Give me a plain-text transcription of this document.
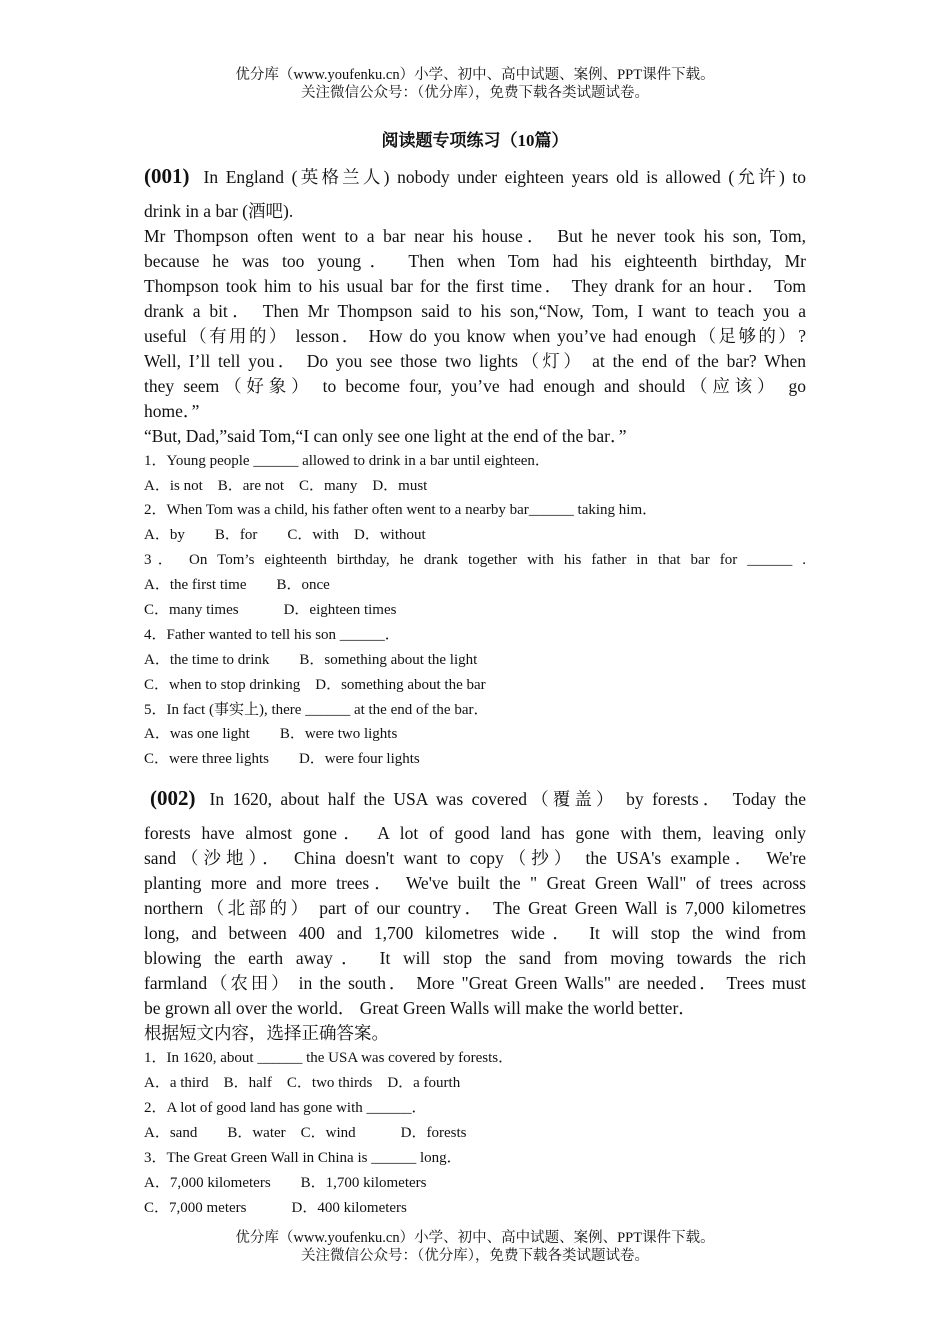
优分库（www.youfenku.cn）小学、初中、高中试题、案例、PPT课件下载。
关注微信公众号：（优分库），免费下载各类试题试卷。
阅读题专项练习（10篇）
(001) In England (英格兰人) nobody under eighteen years old is allowed (允许) to
drink in a bar (酒吧).
Mr Thompson often went to a bar near his house． But he never took his son, Tom,
because he was too young． Then when Tom had his eighteenth birthday, Mr
Thompson took him to his usual bar for the first time． They drank for an hour． Tom
drank a bit． Then Mr Thompson said to his son,“Now, Tom, I want to teach you a
useful（有用的） lesson． How do you know when you’ve had enough（足够的）?
Well, I’ll tell you． Do you see those two lights（灯） at the end of the bar? When
they seem（好象） to become four, you’ve had enough and should（应该） go
home．”
“But, Dad,”said Tom,“I can only see one light at the end of the bar．”
1．Young people ______ allowed to drink in a bar until eighteen．
A．is not　B．are not　C．many　D．must
2．When Tom was a child, his father often went to a nearby bar______ taking him．
3． On Tom’s eighteenth birthday, he drank together with his father in that bar for ______ .
A．by　　B．for　　C．with　D．without
A．the first time　　B．once
C．many times　　　D．eighteen times
4．Father wanted to tell his son ______．
A．the time to drink　　B．something about the light
C．when to stop drinking　D．something about the bar
5．In fact (事实上), there ______ at the end of the bar．
A．was one light　　B．were two lights
C．were three lights　　D．were four lights
(002) In 1620, about half the USA was covered（覆盖） by forests． Today the
forests have almost gone． A lot of good land has gone with them, leaving only
sand（沙地）． China doesn't want to copy（抄） the USA's example． We're
planting more and more trees． We've built the " Great Green Wall" of trees across
northern（北部的） part of our country． The Great Green Wall is 7,000 kilometres
long, and between 400 and 1,700 kilometres wide． It will stop the wind from
blowing the earth away． It will stop the sand from moving towards the rich
farmland（农田） in the south． More "Great Green Walls" are needed． Trees must
be grown all over the world． Great Green Walls will make the world better．
根据短文内容，选择正确答案。
1．In 1620, about ______ the USA was covered by forests．
A．a third　B．half　C．two thirds　D．a fourth
2．A lot of good land has gone with ______．
A．sand　　B．water　C．wind　　　D．forests
3．The Great Green Wall in China is ______ long．
A．7,000 kilometers　　B．1,700 kilometers
C．7,000 meters　　　D．400 kilometers
优分库（www.youfenku.cn）小学、初中、高中试题、案例、PPT课件下载。
关注微信公众号：（优分库），免费下载各类试题试卷。
